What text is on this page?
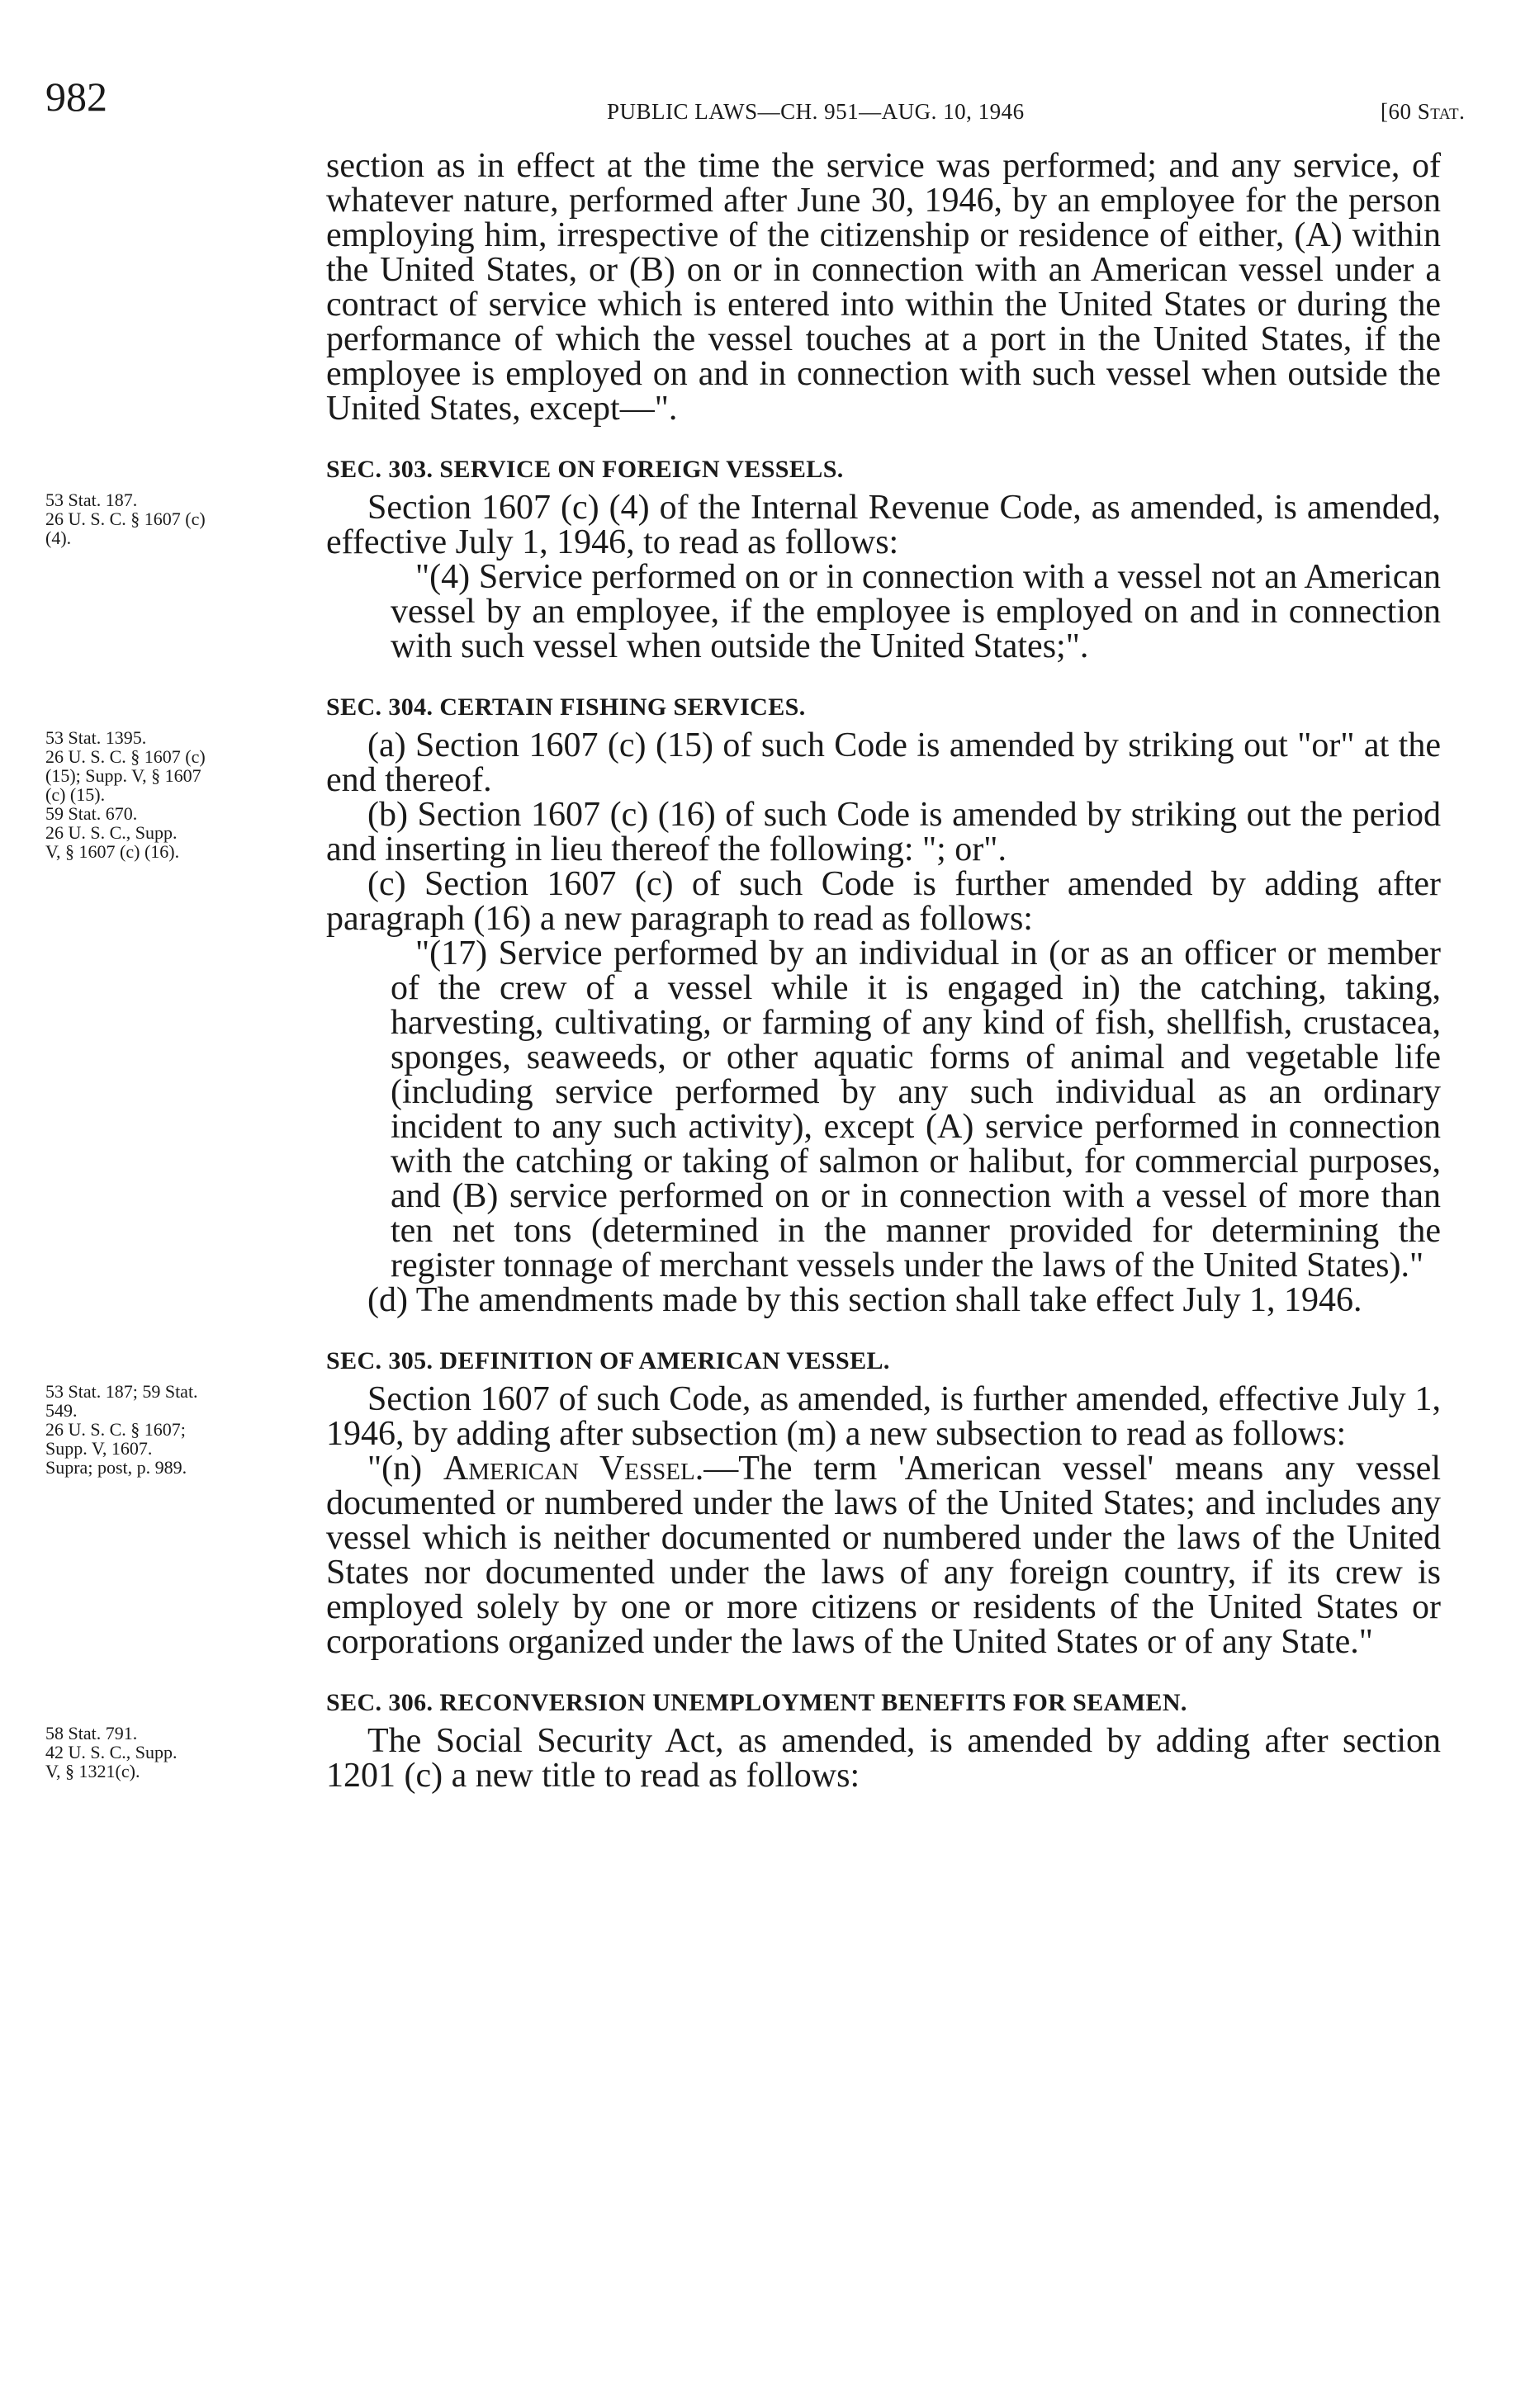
982	PUBLIC LAWS—CH. 951—AUG. 10, 1946	[60 Stat.
53 Stat. 187.
26 U. S. C. § 1607 (c)
(4).
53 Stat. 1395.
26 U. S. C. § 1607 (c)
(15); Supp. V, § 1607
(c) (15).
59 Stat. 670.
26 U. S. C., Supp.
V, § 1607 (c) (16).
53 Stat. 187; 59 Stat.
549.
26 U. S. C. § 1607;
Supp. V, 1607.
Supra; post, p. 989.
58 Stat. 791.
42 U. S. C., Supp.
V, § 1321(c).

section as in effect at the time the service was performed; and any service, of whatever nature, performed after June 30, 1946, by an employee for the person employing him, irrespective of the citizenship or residence of either, (A) within the United States, or (B) on or in connection with an American vessel under a contract of service which is entered into within the United States or during the performance of which the vessel touches at a port in the United States, if the employee is employed on and in connection with such vessel when outside the United States, except—".

SEC. 303. SERVICE ON FOREIGN VESSELS.

Section 1607 (c) (4) of the Internal Revenue Code, as amended, is amended, effective July 1, 1946, to read as follows:

"(4) Service performed on or in connection with a vessel not an American vessel by an employee, if the employee is employed on and in connection with such vessel when outside the United States;".

SEC. 304. CERTAIN FISHING SERVICES.

(a) Section 1607 (c) (15) of such Code is amended by striking out "or" at the end thereof.

(b) Section 1607 (c) (16) of such Code is amended by striking out the period and inserting in lieu thereof the following: "; or".

(c) Section 1607 (c) of such Code is further amended by adding after paragraph (16) a new paragraph to read as follows:

"(17) Service performed by an individual in (or as an officer or member of the crew of a vessel while it is engaged in) the catching, taking, harvesting, cultivating, or farming of any kind of fish, shellfish, crustacea, sponges, seaweeds, or other aquatic forms of animal and vegetable life (including service performed by any such individual as an ordinary incident to any such activity), except (A) service performed in connection with the catching or taking of salmon or halibut, for commercial purposes, and (B) service performed on or in connection with a vessel of more than ten net tons (determined in the manner provided for determining the register tonnage of merchant vessels under the laws of the United States)."

(d) The amendments made by this section shall take effect July 1, 1946.

SEC. 305. DEFINITION OF AMERICAN VESSEL.

Section 1607 of such Code, as amended, is further amended, effective July 1, 1946, by adding after subsection (m) a new subsection to read as follows:

"(n) American Vessel.—The term 'American vessel' means any vessel documented or numbered under the laws of the United States; and includes any vessel which is neither documented or numbered under the laws of the United States nor documented under the laws of any foreign country, if its crew is employed solely by one or more citizens or residents of the United States or corporations organized under the laws of the United States or of any State."

SEC. 306. RECONVERSION UNEMPLOYMENT BENEFITS FOR SEAMEN.

The Social Security Act, as amended, is amended by adding after section 1201 (c) a new title to read as follows:
